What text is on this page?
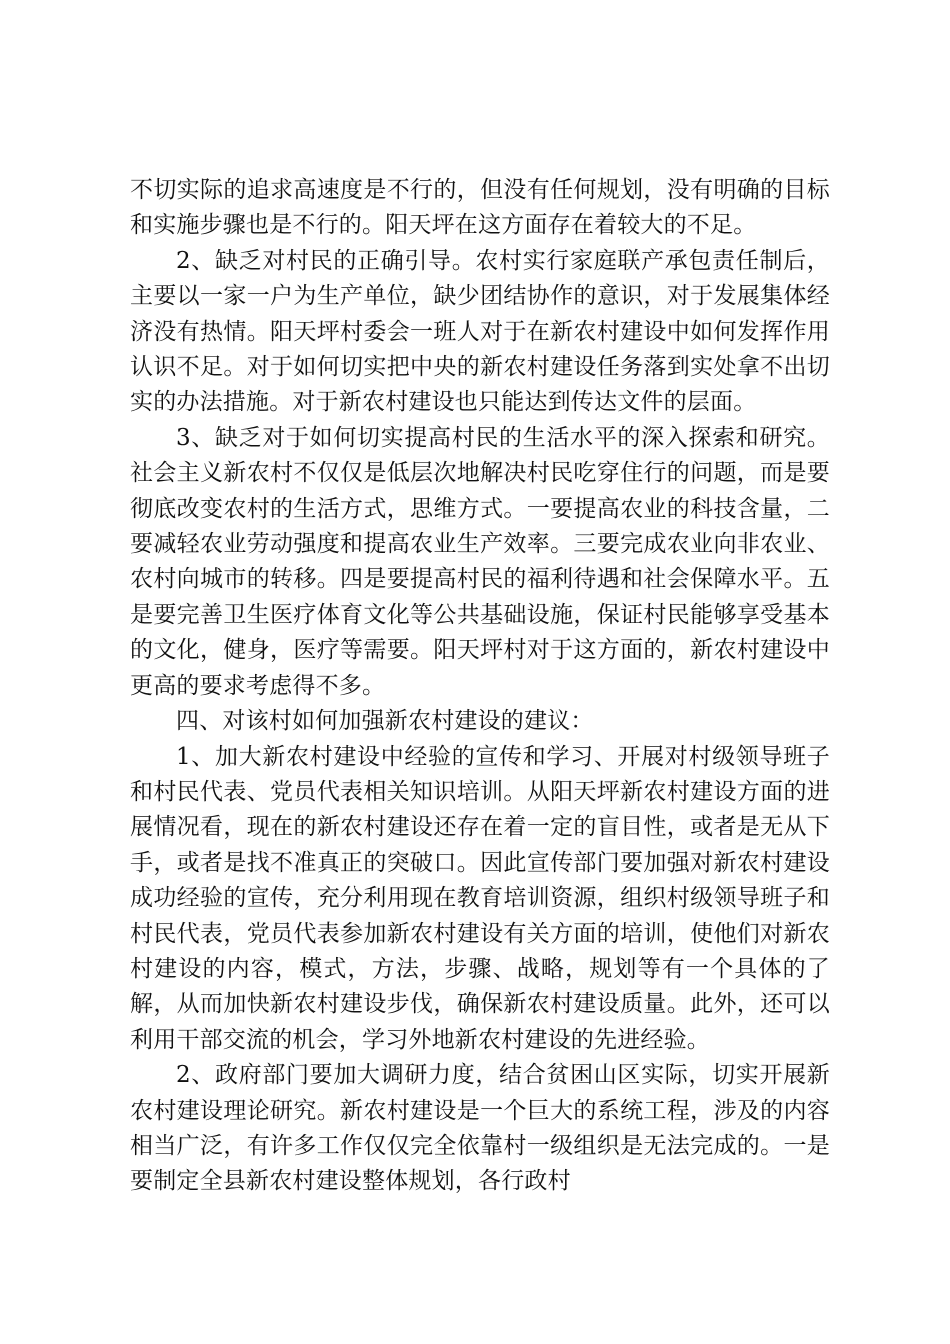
不切实际的追求高速度是不行的，但没有任何规划，没有明确的目标和实施步骤也是不行的。阳天坪在这方面存在着较大的不足。

2、缺乏对村民的正确引导。农村实行家庭联产承包责任制后，主要以一家一户为生产单位，缺少团结协作的意识，对于发展集体经济没有热情。阳天坪村委会一班人对于在新农村建设中如何发挥作用认识不足。对于如何切实把中央的新农村建设任务落到实处拿不出切实的办法措施。对于新农村建设也只能达到传达文件的层面。

3、缺乏对于如何切实提高村民的生活水平的深入探索和研究。社会主义新农村不仅仅是低层次地解决村民吃穿住行的问题，而是要彻底改变农村的生活方式，思维方式。一要提高农业的科技含量，二要减轻农业劳动强度和提高农业生产效率。三要完成农业向非农业、农村向城市的转移。四是要提高村民的福利待遇和社会保障水平。五是要完善卫生医疗体育文化等公共基础设施，保证村民能够享受基本的文化，健身，医疗等需要。阳天坪村对于这方面的，新农村建设中更高的要求考虑得不多。

四、对该村如何加强新农村建设的建议：

1、加大新农村建设中经验的宣传和学习、开展对村级领导班子和村民代表、党员代表相关知识培训。从阳天坪新农村建设方面的进展情况看，现在的新农村建设还存在着一定的盲目性，或者是无从下手，或者是找不准真正的突破口。因此宣传部门要加强对新农村建设成功经验的宣传，充分利用现在教育培训资源，组织村级领导班子和村民代表，党员代表参加新农村建设有关方面的培训，使他们对新农村建设的内容，模式，方法，步骤、战略，规划等有一个具体的了解，从而加快新农村建设步伐，确保新农村建设质量。此外，还可以利用干部交流的机会，学习外地新农村建设的先进经验。

2、政府部门要加大调研力度，结合贫困山区实际，切实开展新农村建设理论研究。新农村建设是一个巨大的系统工程，涉及的内容相当广泛，有许多工作仅仅完全依靠村一级组织是无法完成的。一是要制定全县新农村建设整体规划，各行政村
